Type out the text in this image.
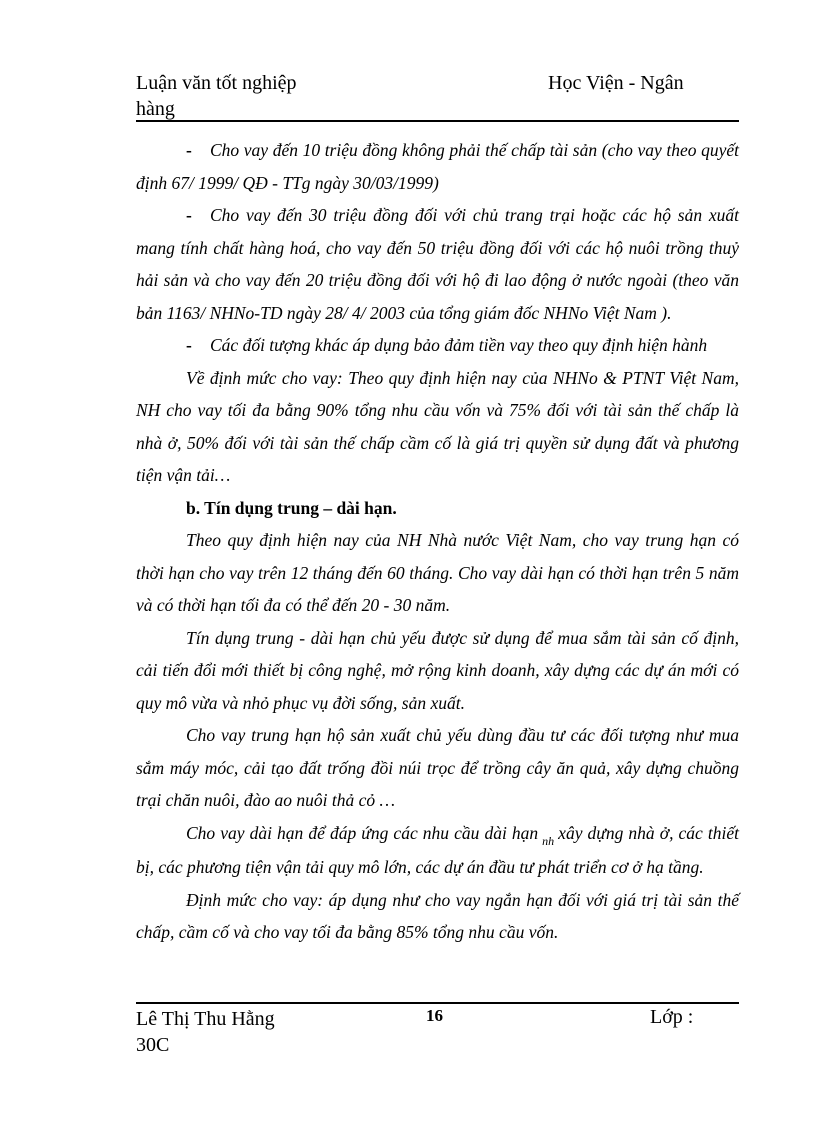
Luận văn tốt nghiệp
hàng
Học Viện - Ngân

- Cho vay đến 10 triệu đồng không phải thế chấp tài sản (cho vay theo quyết định 67/ 1999/ QĐ - TTg ngày 30/03/1999)

- Cho vay đến 30 triệu đồng đối với chủ trang trại hoặc các hộ sản xuất mang tính chất hàng hoá, cho vay đến 50 triệu đồng đối với các hộ nuôi trồng thuỷ hải sản và cho vay đến 20 triệu đồng đối với hộ đi lao động ở nước ngoài (theo văn bản 1163/ NHNo-TD ngày 28/ 4/ 2003 của tổng giám đốc NHNo Việt Nam ).

- Các đối tượng khác áp dụng bảo đảm tiền vay theo quy định hiện hành

Về định mức cho vay: Theo quy định hiện nay của NHNo & PTNT Việt Nam, NH cho vay tối đa bằng 90% tổng nhu cầu vốn và 75% đối với tài sản thế chấp là nhà ở, 50% đối với tài sản thế chấp cầm cố là giá trị quyền sử dụng đất và phương tiện vận tải…

b. Tín dụng trung – dài hạn.

Theo quy định hiện nay của NH Nhà nước Việt Nam, cho vay trung hạn có thời hạn cho vay trên 12 tháng đến 60 tháng. Cho vay dài hạn có thời hạn trên 5 năm và có thời hạn tối đa có thể đến 20 - 30 năm.

Tín dụng trung - dài hạn chủ yếu được sử dụng để mua sắm tài sản cố định, cải tiến đổi mới thiết bị công nghệ, mở rộng kinh doanh, xây dựng các dự án mới có quy mô vừa và nhỏ phục vụ đời sống, sản xuất.

Cho vay trung hạn hộ sản xuất chủ yếu dùng đầu tư các đối tượng như mua sắm máy móc, cải tạo đất trống đồi núi trọc để trồng cây ăn quả, xây dựng chuồng trại chăn nuôi, đào ao nuôi thả cỏ …

Cho vay dài hạn để đáp ứng các nhu cầu dài hạn $_{nh}$ xây dựng nhà ở, các thiết bị, các phương tiện vận tải quy mô lớn, các dự án đầu tư phát triển cơ ở hạ tầng.

Định mức cho vay: áp dụng như cho vay ngắn hạn đối với giá trị tài sản thế chấp, cầm cố và cho vay tối đa bằng 85% tổng nhu cầu vốn.

Lê Thị Thu Hằng
30C
16	Lớp :
